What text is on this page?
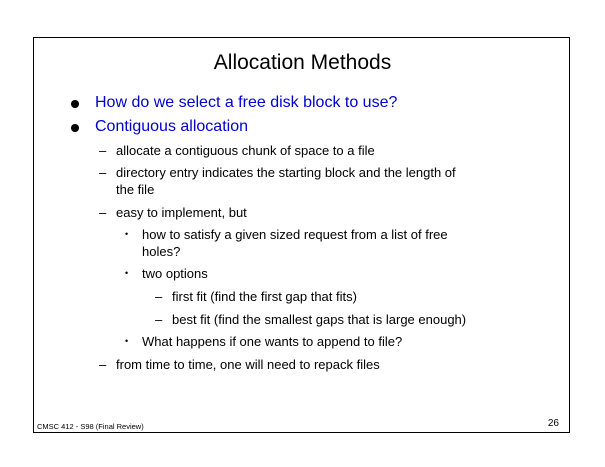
Allocation Methods
How do we select a free disk block to use?
Contiguous allocation
– allocate a contiguous chunk of space to a file
– directory entry indicates the starting block and the length of
the file
– easy to implement, but
• how to satisfy a given sized request from a list of free
holes?
• two options
– first fit (find the first gap that fits)
– best fit (find the smallest gaps that is large enough)
• What happens if one wants to append to file?
– from time to time, one will need to repack files
CMSC 412 - S98 (Final Review)	26
